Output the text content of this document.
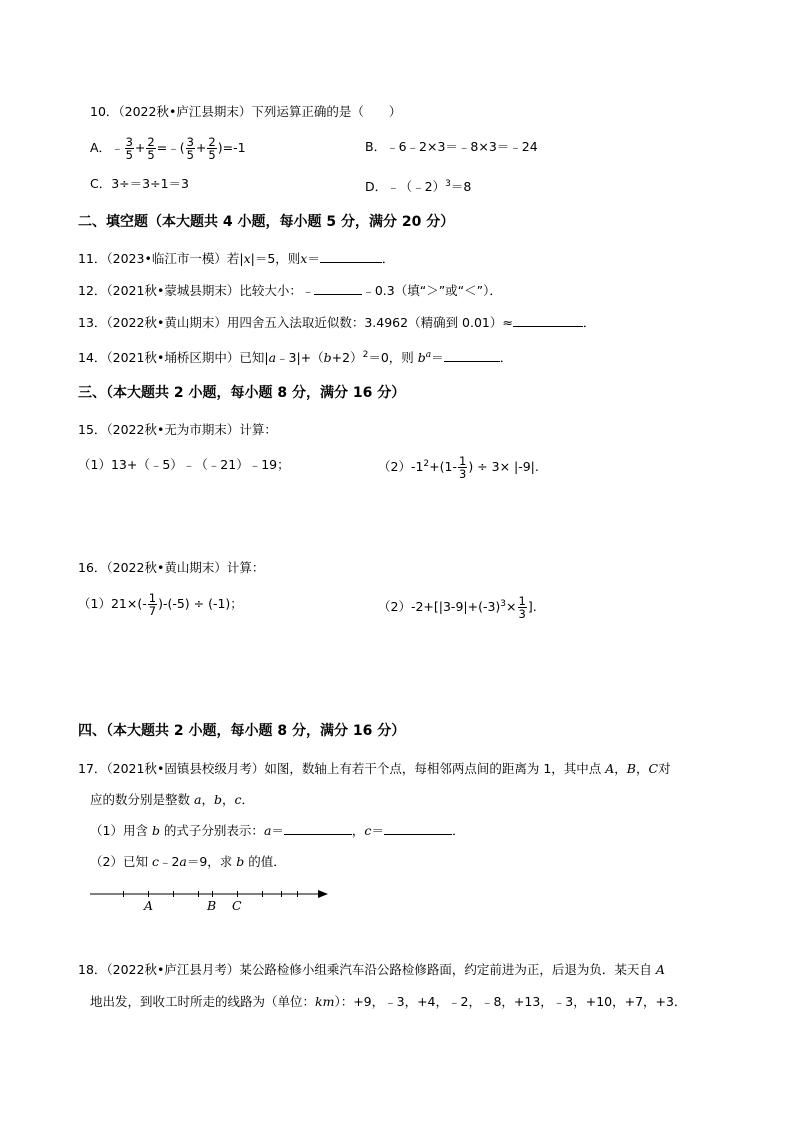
10．（2022秋•庐江县期末）下列运算正确的是（　　）
A．﹣ $\frac{3}{5} + \frac{2}{5}$ =﹣( $\frac{3}{5} + \frac{2}{5} )=-1$	B．﹣6﹣2×3＝﹣8×3＝﹣24
C．3÷＝3÷1＝3	D．﹣（﹣2）$^3$＝8
二、填空题（本大题共 4 小题，每小题 5 分，满分 20 分）
11．（2023•临江市一模）若|x|＝5，则x＝	．
12．（2021秋•蒙城县期末）比较大小：﹣	﹣0.3（填“＞”或“＜”）．
13．（2022秋•黄山期末）用四舍五入法取近似数：3.4962（精确到 0.01）≈	．
14．（2021秋•埇桥区期中）已知$|a﹣3|+(b+2)^2=0$，则 $b^a=$	．
三、（本大题共 2 小题，每小题 8 分，满分 16 分）
15．（2022秋•无为市期末）计算：
（1）13+（﹣5）﹣（﹣21）﹣19；	$(2)-1^2+(1- \frac{1}{3}$ ) ÷ 3× |-9|.
16．（2022秋•黄山期末）计算：
$(1)21\times(- \frac{1}{7} )-(-5) \div (-1)$；	$(2)-2+[|3-9|+(-3)^3\times \frac{1}{3}$ ].
四、（本大题共 2 小题，每小题 8 分，满分 16 分）
17．（2021秋•固镇县校级月考）如图，数轴上有若干个点，每相邻两点间的距离为 1，其中点 A，B，C对
应的数分别是整数 a，b，c．
（1）用含 b 的式子分别表示：a＝	，c＝	．
（2）已知 c﹣2a＝9，求 b 的值．
A	B C
18．（2022秋•庐江县月考）某公路检修小组乘汽车沿公路检修路面，约定前进为正，后退为负．某天自 A
地出发，到收工时所走的线路为（单位：km）：+9，﹣3，+4，﹣2，﹣8，+13，﹣3，+10，+7，+3．
